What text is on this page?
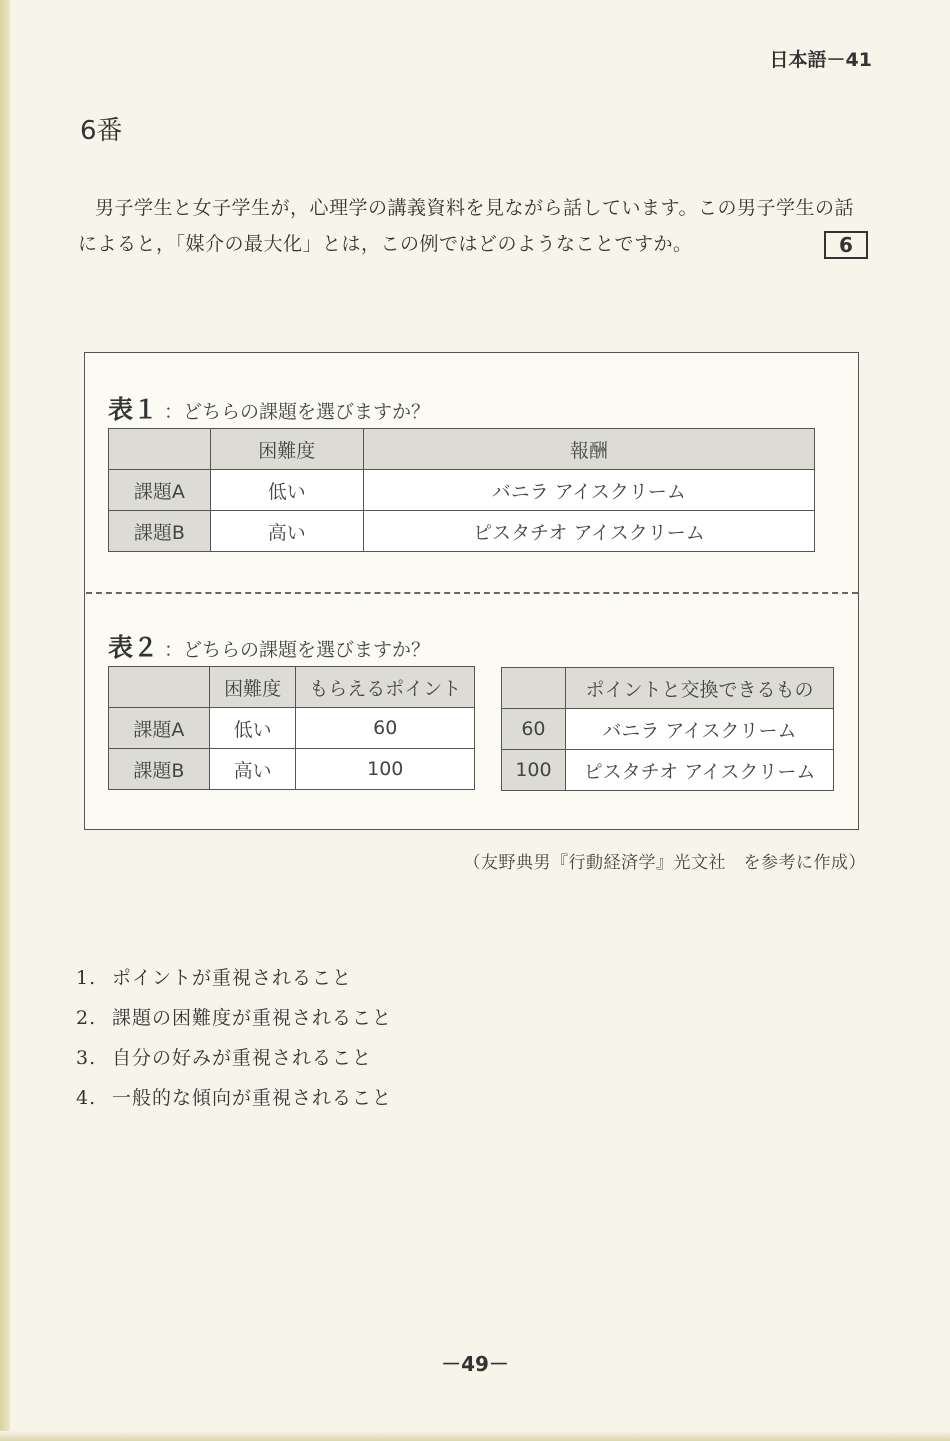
日本語－41
6番

男子学生と女子学生が，心理学の講義資料を見ながら話しています。この男子学生の話

によると，「媒介の最大化」とは，この例ではどのようなことですか。	6
表１ ：どちらの課題を選びますか？
	困難度	報酬
課題A	低い	バニラ アイスクリーム
課題B	高い	ピスタチオ アイスクリーム
表２ ：どちらの課題を選びますか？
	困難度	もらえるポイント
課題A	低い	60
課題B	高い	100
	ポイントと交換できるもの
60	バニラ アイスクリーム
100	ピスタチオ アイスクリーム
（友野典男『行動経済学』光文社　を参考に作成）
1. ポイントが重視されること
2. 課題の困難度が重視されること
3. 自分の好みが重視されること
4. 一般的な傾向が重視されること
－49－
